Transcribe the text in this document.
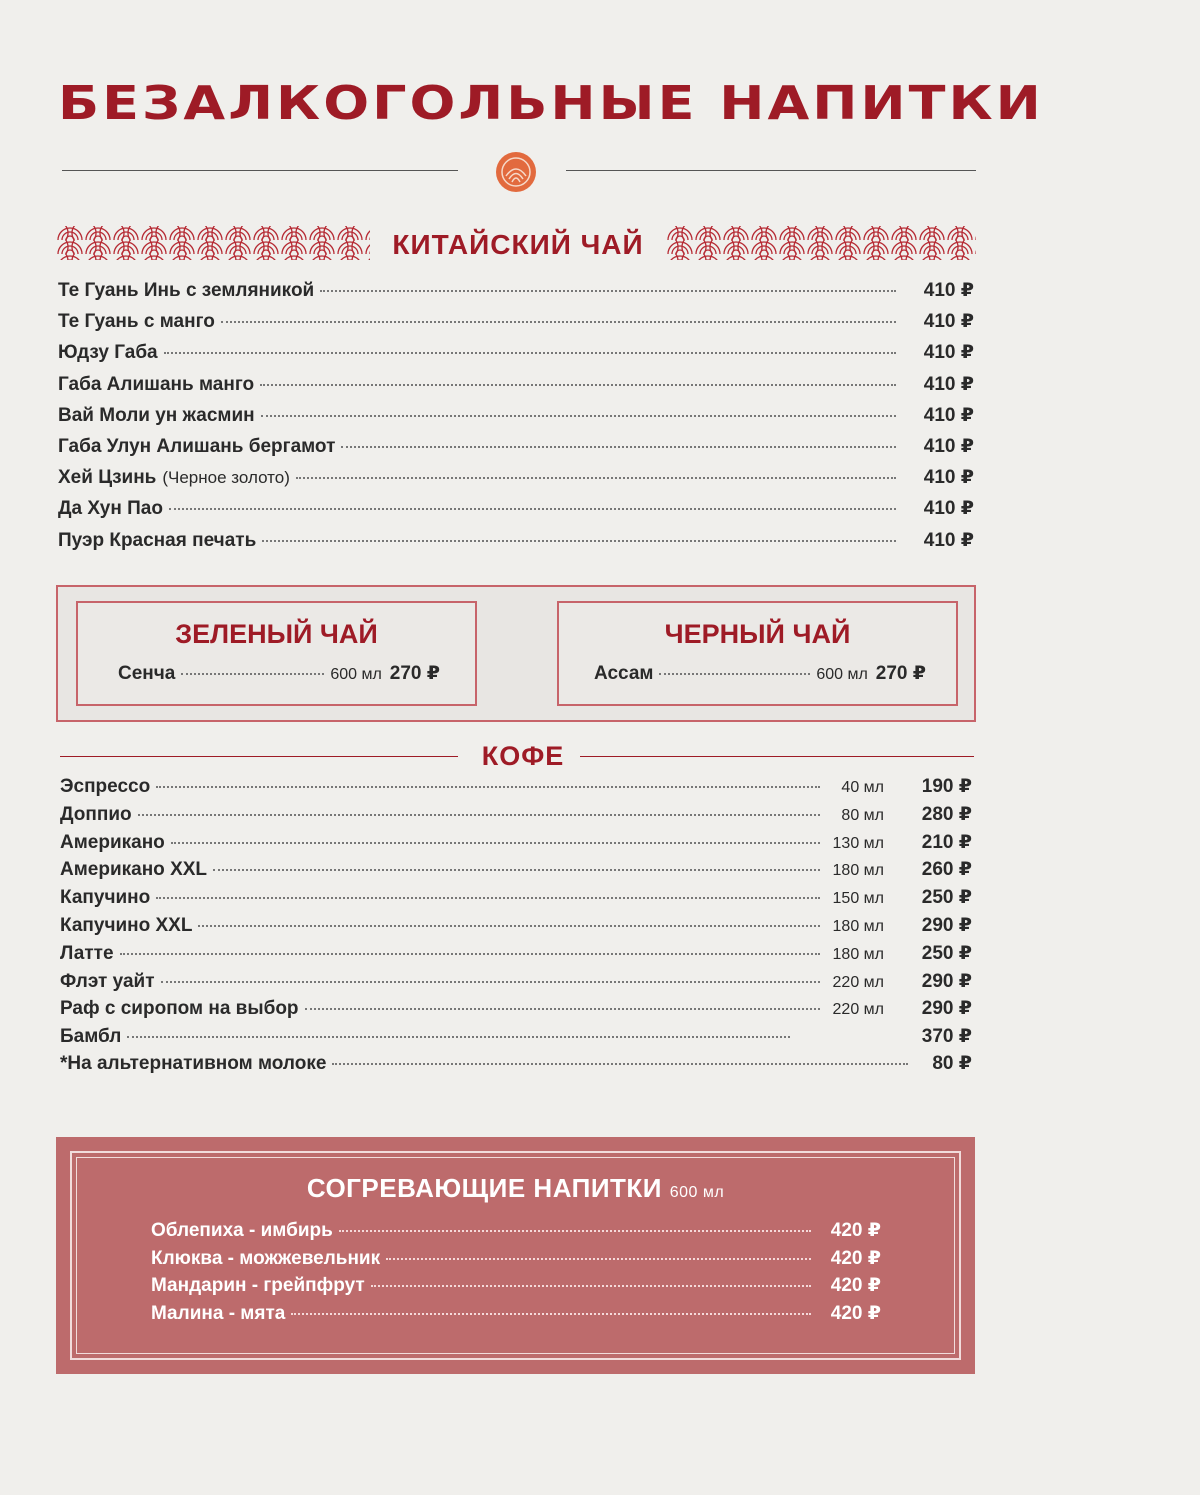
БЕЗАЛКОГОЛЬНЫЕ НАПИТКИ
КИТАЙСКИЙ ЧАЙ
Те Гуань Инь с земляникой	410 ₽
Те Гуань с манго	410 ₽
Юдзу Габа	410 ₽
Габа Алишань манго	410 ₽
Вай Моли ун жасмин	410 ₽
Габа Улун Алишань бергамот	410 ₽
Хей Цзинь (Черное золото)	410 ₽
Да Хун Пао	410 ₽
Пуэр Красная печать	410 ₽
ЗЕЛЕНЫЙ ЧАЙ
Сенча	600 мл 270 ₽
ЧЕРНЫЙ ЧАЙ
Ассам	600 мл 270 ₽
КОФЕ
Эспрессо	40 мл	190 ₽
Доппио	80 мл	280 ₽
Американо	130 мл	210 ₽
Американо XXL	180 мл	260 ₽
Капучино	150 мл	250 ₽
Капучино XXL	180 мл	290 ₽
Латте	180 мл	250 ₽
Флэт уайт	220 мл	290 ₽
Раф с сиропом на выбор	220 мл	290 ₽
Бамбл	370 ₽
*На альтернативном молоке	80 ₽
СОГРЕВАЮЩИЕ НАПИТКИ 600 мл
Облепиха - имбирь	420 ₽
Клюква - можжевельник	420 ₽
Мандарин - грейпфрут	420 ₽
Малина - мята	420 ₽
